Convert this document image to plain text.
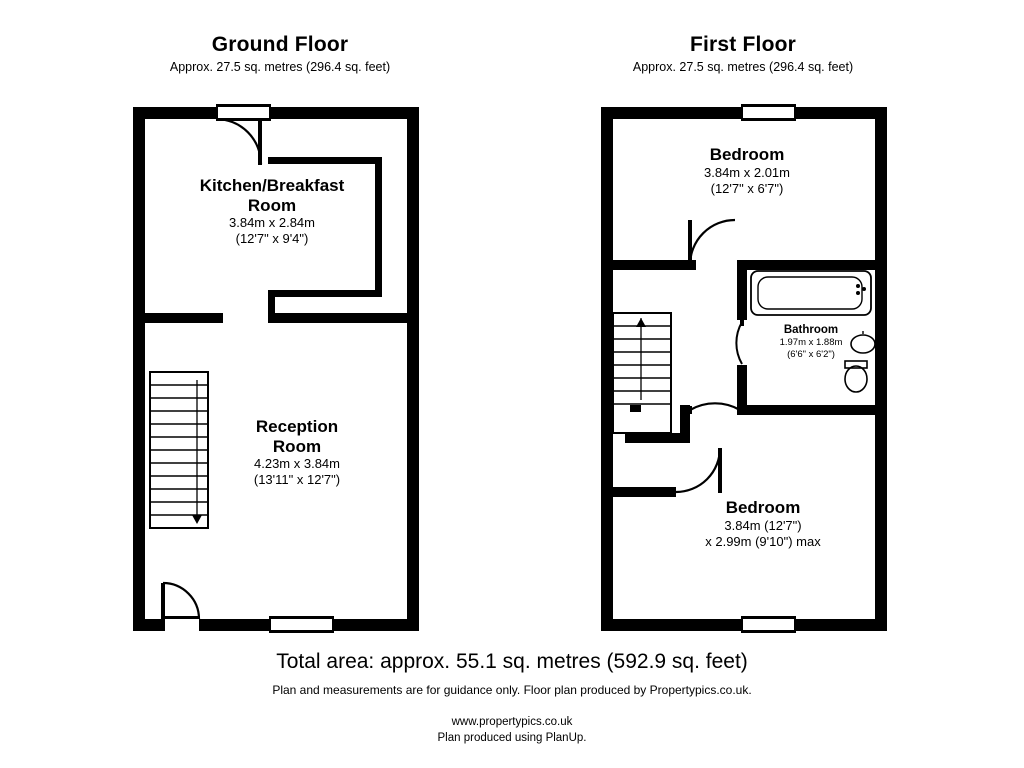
Ground Floor
Approx. 27.5 sq. metres (296.4 sq. feet)
First Floor
Approx. 27.5 sq. metres (296.4 sq. feet)
Kitchen/Breakfast
Room
3.84m x 2.84m
(12'7" x 9'4")
Reception
Room
4.23m x 3.84m
(13'11" x 12'7")
Bedroom
3.84m x 2.01m
(12'7" x 6'7")
Bathroom
1.97m x 1.88m
(6'6" x 6'2")
Bedroom
3.84m (12'7")
x 2.99m (9'10") max
Total area: approx. 55.1 sq. metres (592.9 sq. feet)
Plan and measurements are for guidance only. Floor plan produced by Propertypics.co.uk.
www.propertypics.co.uk
Plan produced using PlanUp.
